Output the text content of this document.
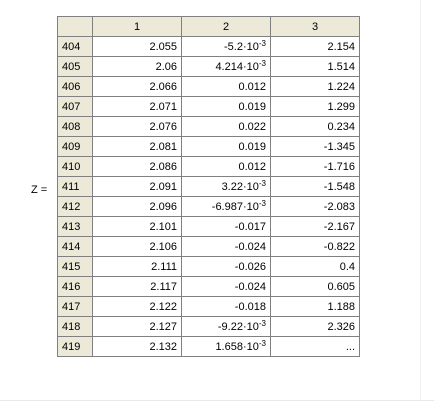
Z =
	1	2	3
404	2.055	$-5.2\cdot 10^{-3}$	2.154
405	2.06	$4.214\cdot 10^{-3}$	1.514
406	2.066	0.012	1.224
407	2.071	0.019	1.299
408	2.076	0.022	0.234
409	2.081	0.019	-1.345
410	2.086	0.012	-1.716
411	2.091	$3.22\cdot 10^{-3}$	-1.548
412	2.096	$-6.987\cdot 10^{-3}$	-2.083
413	2.101	-0.017	-2.167
414	2.106	-0.024	-0.822
415	2.111	-0.026	0.4
416	2.117	-0.024	0.605
417	2.122	-0.018	1.188
418	2.127	$-9.22\cdot 10^{-3}$	2.326
419	2.132	$1.658\cdot 10^{-3}$	...
